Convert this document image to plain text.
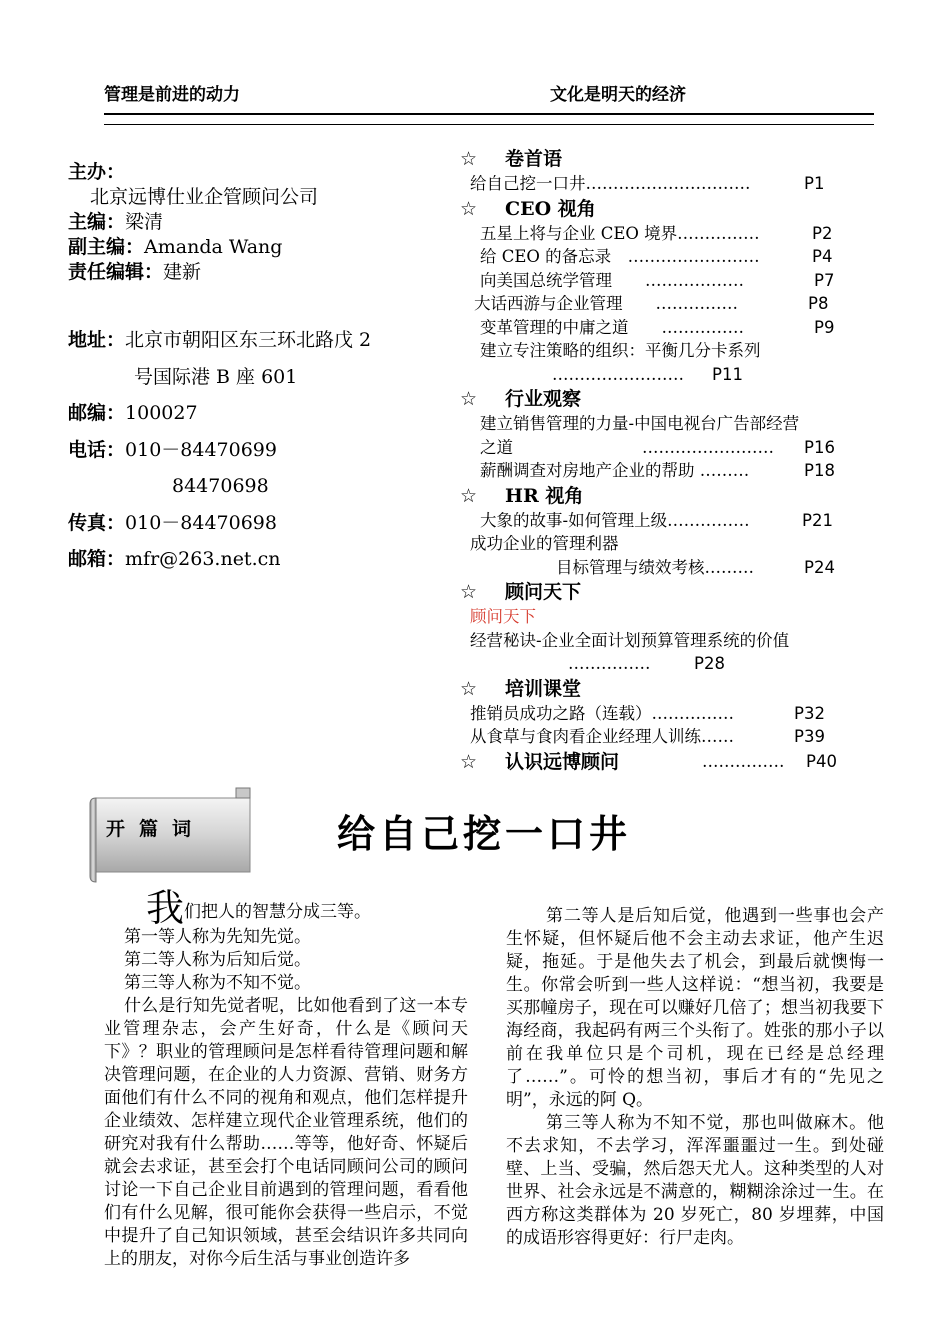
管理是前进的动力	文化是明天的经济
主办：
北京远博仕业企管顾问公司
主编：梁清
副主编：Amanda Wang
责任编辑：建新
地址：北京市朝阳区东三环北路戊 2
号国际港 B 座 601
邮编：100027
电话：010－84470699
84470698
传真：010－84470698
邮箱：mfr@263.net.cn
☆ 卷首语
给自己挖一口井…………………………	P1
☆ CEO 视角
五星上将与企业 CEO 境界……………	P2
给 CEO 的备忘录　……………………	P4
向美国总统学管理　　………………	P7
大话西游与企业管理　　……………	P8
变革管理的中庸之道　　……………	P9
建立专注策略的组织：平衡几分卡系列
…………………… P11
☆ 行业观察
建立销售管理的力量-中国电视台广告部经营
之道	…………………… P16
薪酬调查对房地产企业的帮助 ………	P18
☆ HR 视角
大象的故事-如何管理上级……………	P21
成功企业的管理利器
目标管理与绩效考核………	P24
☆ 顾问天下
顾问天下
经营秘诀-企业全面计划预算管理系统的价值
……………	P28
☆ 培训课堂
推销员成功之路（连载）……………	P32
从食草与食肉看企业经理人训练……	P39
☆ 认识远博顾问	…………… P40
开篇词	给自己挖一口井

我们把人的智慧分成三等。

第一等人称为先知先觉。

第二等人称为后知后觉。

第三等人称为不知不觉。

什么是行知先觉者呢，比如他看到了这一本专业管理杂志，会产生好奇，什么是《顾问天下》？职业的管理顾问是怎样看待管理问题和解决管理问题，在企业的人力资源、营销、财务方面他们有什么不同的视角和观点，他们怎样提升企业绩效、怎样建立现代企业管理系统，他们的研究对我有什么帮助……等等，他好奇、怀疑后就会去求证，甚至会打个电话同顾问公司的顾问讨论一下自己企业目前遇到的管理问题，看看他们有什么见解，很可能你会获得一些启示，不觉中提升了自己知识领域，甚至会结识许多共同向上的朋友，对你今后生活与事业创造许多

第二等人是后知后觉，他遇到一些事也会产生怀疑，但怀疑后他不会主动去求证，他产生迟疑，拖延。于是他失去了机会，到最后就懊悔一生。你常会听到一些人这样说：“想当初，我要是买那幢房子，现在可以赚好几倍了；想当初我要下海经商，我起码有两三个头衔了。姓张的那小子以前在我单位只是个司机，现在已经是总经理了……”。可怜的想当初，事后才有的“先见之明”，永远的阿 Q。

第三等人称为不知不觉，那也叫做麻木。他不去求知，不去学习，浑浑噩噩过一生。到处碰壁、上当、受骗，然后怨天尤人。这种类型的人对世界、社会永远是不满意的，糊糊涂涂过一生。在西方称这类群体为 20 岁死亡，80 岁埋葬，中国的成语形容得更好：行尸走肉。
